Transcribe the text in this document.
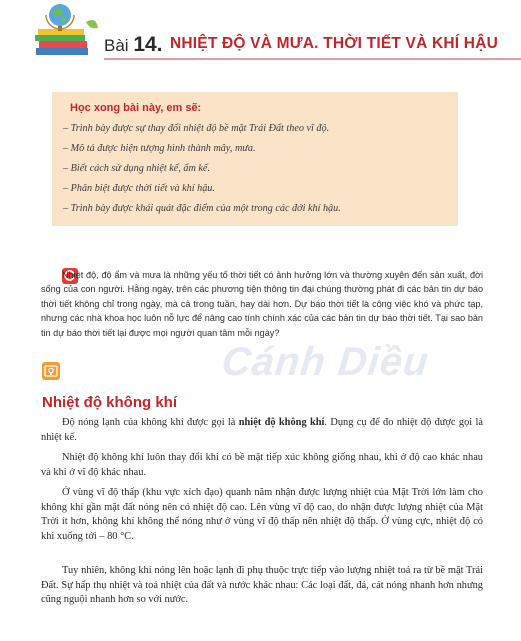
Bài 14. NHIỆT ĐỘ VÀ MƯA. THỜI TIẾT VÀ KHÍ HẬU
Học xong bài này, em sẽ:
– Trình bày được sự thay đổi nhiệt độ bề mặt Trái Đất theo vĩ độ.
– Mô tả được hiện tượng hình thành mây, mưa.
– Biết cách sử dụng nhiệt kế, ẩm kế.
– Phân biệt được thời tiết và khí hậu.
– Trình bày được khái quát đặc điểm của một trong các đới khí hậu.
Nhiệt độ, độ ẩm và mưa là những yếu tố thời tiết có ảnh hưởng lớn và thường xuyên đến sản xuất, đời sống của con người. Hằng ngày, trên các phương tiện thông tin đại chúng thường phát đi các bản tin dự báo thời tiết không chỉ trong ngày, mà cả trong tuần, hay dài hơn. Dự báo thời tiết là công việc khó và phức tạp, nhưng các nhà khoa học luôn nỗ lực để nâng cao tính chính xác của các bản tin dự báo thời tiết. Tại sao bản tin dự báo thời tiết lại được mọi người quan tâm mỗi ngày?
Cánh Diều
Nhiệt độ không khí
Độ nóng lạnh của không khí được gọi là nhiệt độ không khí. Dụng cụ để đo nhiệt độ được gọi là nhiệt kế.
Nhiệt độ không khí luôn thay đổi khi có bề mặt tiếp xúc không giống nhau, khi ở độ cao khác nhau và khi ở vĩ độ khác nhau.
Ở vùng vĩ độ thấp (khu vực xích đạo) quanh năm nhận được lượng nhiệt của Mặt Trời lớn làm cho không khí gần mặt đất nóng nên có nhiệt độ cao. Lên vùng vĩ độ cao, do nhận được lượng nhiệt của Mặt Trời ít hơn, không khí không thể nóng như ở vùng vĩ độ thấp nên nhiệt độ thấp. Ở vùng cực, nhiệt độ có khi xuống tới – 80 °C.
Tuy nhiên, không khí nóng lên hoặc lạnh đi phụ thuộc trực tiếp vào lượng nhiệt toả ra từ bề mặt Trái Đất. Sự hấp thụ nhiệt và toả nhiệt của đất và nước khác nhau: Các loại đất, đá, cát nóng nhanh hơn nhưng cũng nguội nhanh hơn so với nước.
